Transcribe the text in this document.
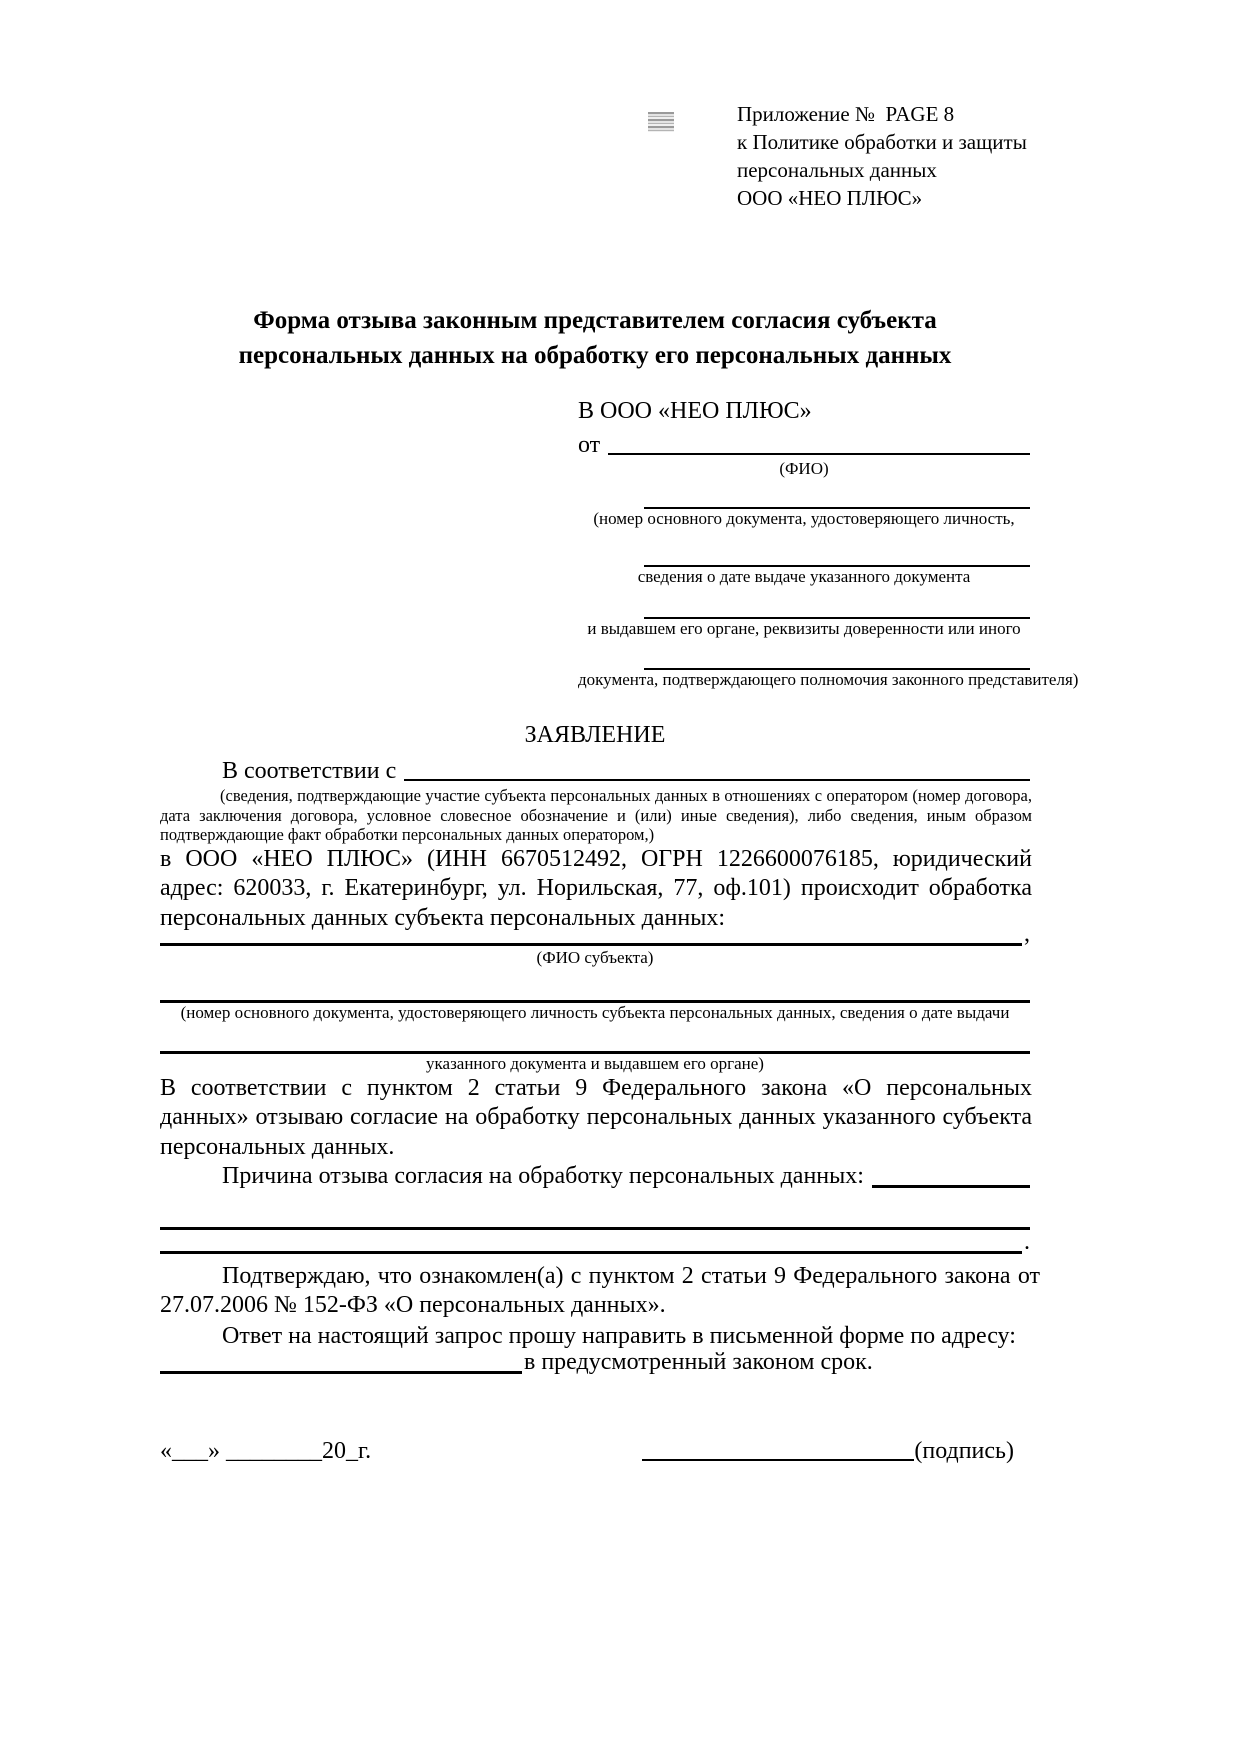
Приложение №  PAGE 8
к Политике обработки и защиты
персональных данных
ООО «НЕО ПЛЮС»
Форма отзыва законным представителем согласия субъекта
персональных данных на обработку его персональных данных
В ООО «НЕО ПЛЮС»
от
(ФИО)
(номер основного документа, удостоверяющего личность,
сведения о дате выдаче указанного документа
и выдавшем его органе, реквизиты доверенности или иного
документа, подтверждающего полномочия законного представителя)
ЗАЯВЛЕНИЕ
В соответствии с
(сведения, подтверждающие участие субъекта персональных данных в отношениях с оператором (номер договора, дата заключения договора, условное словесное обозначение и (или) иные сведения), либо сведения, иным образом подтверждающие факт обработки персональных данных оператором,)
в ООО «НЕО ПЛЮС» (ИНН 6670512492, ОГРН 1226600076185, юридический адрес: 620033, г. Екатеринбург, ул. Норильская, 77, оф.101) происходит обработка персональных данных субъекта персональных данных:
,
(ФИО субъекта)
(номер основного документа, удостоверяющего личность субъекта персональных данных, сведения о дате выдачи
указанного документа и выдавшем его органе)
В соответствии с пунктом 2 статьи 9 Федерального закона «О персональных данных» отзываю согласие на обработку персональных данных указанного субъекта персональных данных.
Причина отзыва согласия на обработку персональных данных:
.
Подтверждаю, что ознакомлен(а) с пунктом 2 статьи 9 Федерального закона от 27.07.2006 № 152-ФЗ «О персональных данных».
Ответ на настоящий запрос прошу направить в письменной форме по адресу:
в предусмотренный законом срок.
«___» ________20_г.	(подпись)
